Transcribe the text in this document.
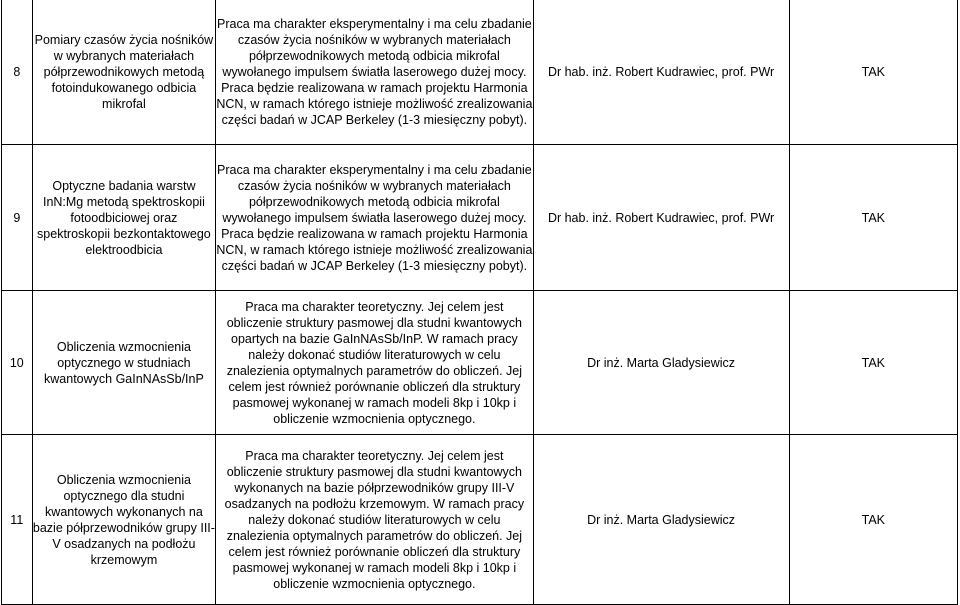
8	Pomiary czasów życia nośników w wybranych materiałach półprzewodnikowych metodą fotoindukowanego odbicia mikrofal	Praca ma charakter eksperymentalny i ma celu zbadanie czasów życia nośników w wybranych materiałach półprzewodnikowych metodą odbicia mikrofal wywołanego impulsem światła laserowego dużej mocy. Praca będzie realizowana w ramach projektu Harmonia NCN, w ramach którego istnieje możliwość zrealizowania części badań w JCAP Berkeley (1-3 miesięczny pobyt).	Dr hab. inż. Robert Kudrawiec, prof. PWr	TAK
9	Optyczne badania warstw InN:Mg metodą spektroskopii fotoodbiciowej oraz spektroskopii bezkontaktowego elektroodbicia	Praca ma charakter eksperymentalny i ma celu zbadanie czasów życia nośników w wybranych materiałach półprzewodnikowych metodą odbicia mikrofal wywołanego impulsem światła laserowego dużej mocy. Praca będzie realizowana w ramach projektu Harmonia NCN, w ramach którego istnieje możliwość zrealizowania części badań w JCAP Berkeley (1-3 miesięczny pobyt).	Dr hab. inż. Robert Kudrawiec, prof. PWr	TAK
10	Obliczenia wzmocnienia optycznego w studniach kwantowych GaInNAsSb/InP	Praca ma charakter teoretyczny. Jej celem jest obliczenie struktury pasmowej dla studni kwantowych opartych na bazie GaInNAsSb/InP. W ramach pracy należy dokonać studiów literaturowych w celu znalezienia optymalnych parametrów do obliczeń. Jej celem jest również porównanie obliczeń dla struktury pasmowej wykonanej w ramach modeli 8kp i 10kp i obliczenie wzmocnienia optycznego.	Dr inż. Marta Gladysiewicz	TAK
11	Obliczenia wzmocnienia optycznego dla studni kwantowych wykonanych na bazie półprzewodników grupy III-V osadzanych na podłożu krzemowym	Praca ma charakter teoretyczny. Jej celem jest obliczenie struktury pasmowej dla studni kwantowych wykonanych na bazie półprzewodników grupy III-V osadzanych na podłożu krzemowym. W ramach pracy należy dokonać studiów literaturowych w celu znalezienia optymalnych parametrów do obliczeń. Jej celem jest również porównanie obliczeń dla struktury pasmowej wykonanej w ramach modeli 8kp i 10kp i obliczenie wzmocnienia optycznego.	Dr inż. Marta Gladysiewicz	TAK
